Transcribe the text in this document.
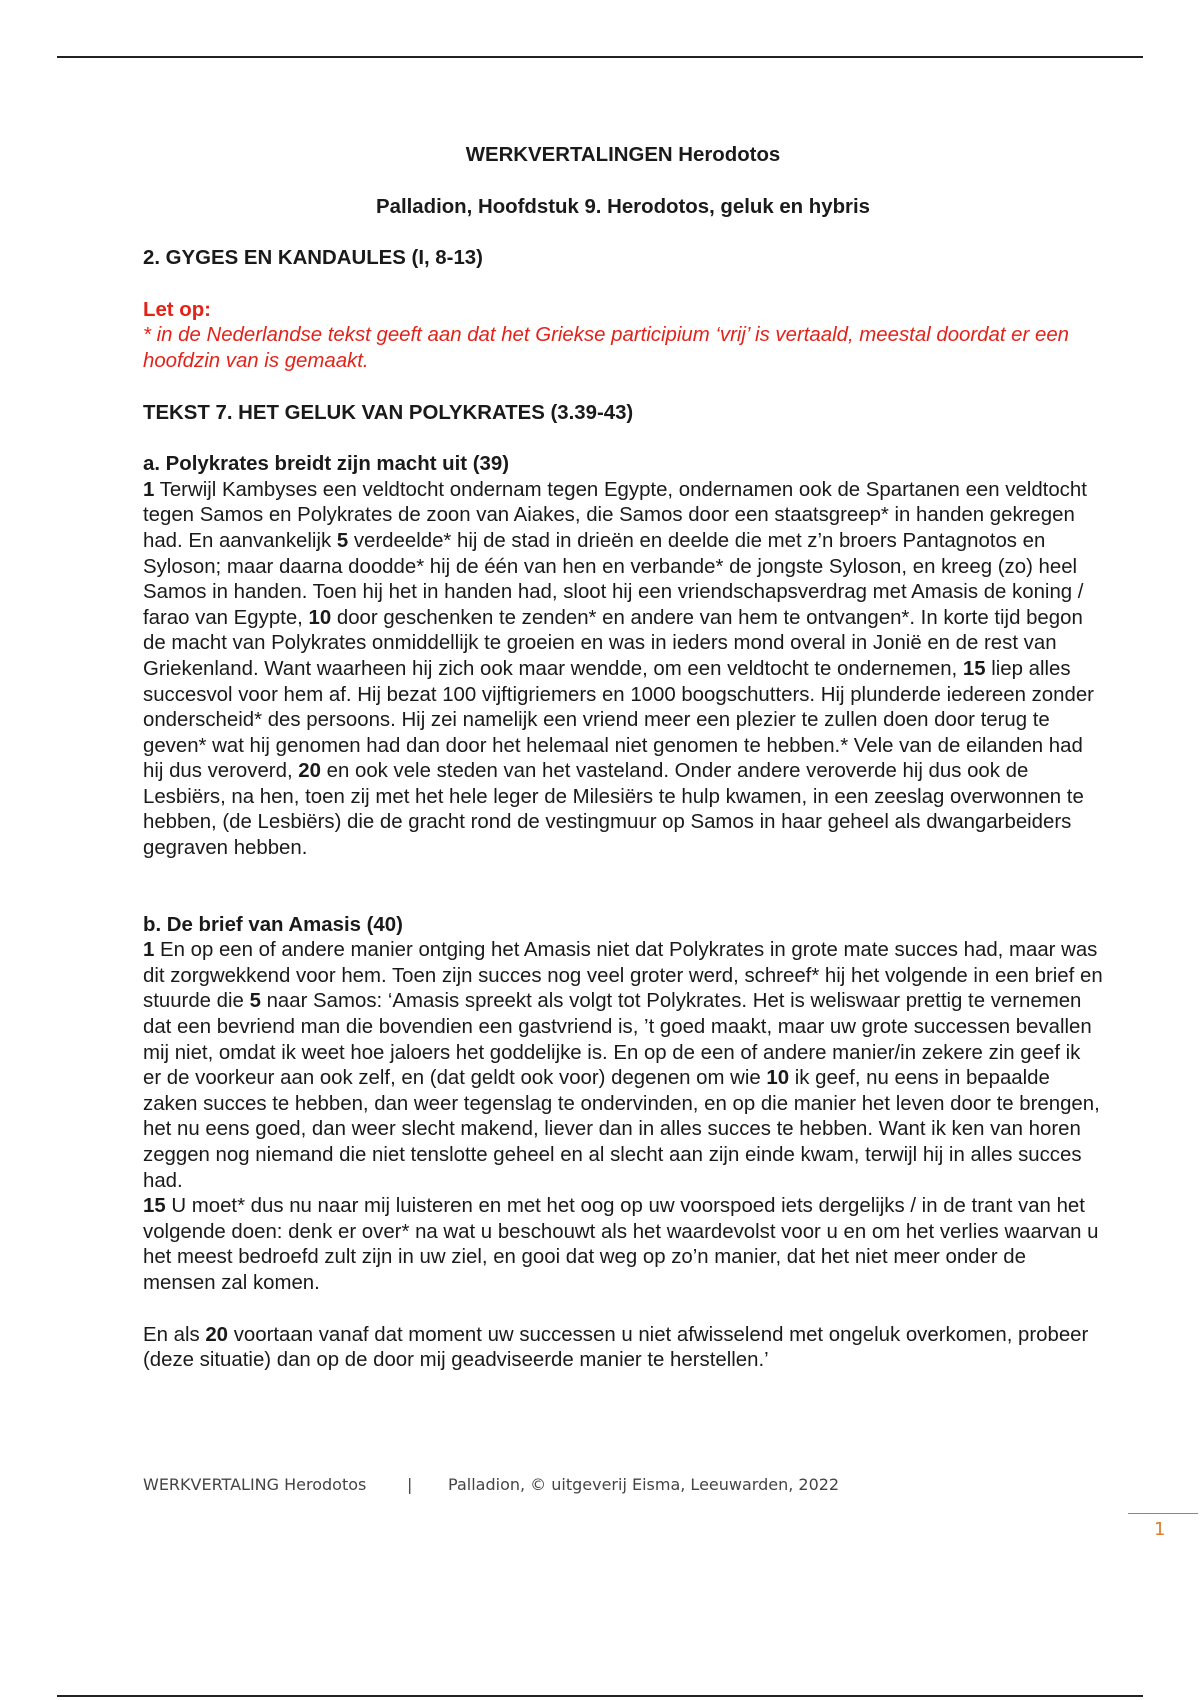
WERKVERTALINGEN Herodotos
Palladion, Hoofdstuk 9. Herodotos, geluk en hybris
2. GYGES EN KANDAULES (I, 8-13)
Let op:
* in de Nederlandse tekst geeft aan dat het Griekse participium ‘vrij’ is vertaald, meestal doordat er een hoofdzin van is gemaakt.
TEKST 7. HET GELUK VAN POLYKRATES (3.39-43)
a. Polykrates breidt zijn macht uit (39)

1 Terwijl Kambyses een veldtocht ondernam tegen Egypte, ondernamen ook de Spartanen een veldtocht tegen Samos en Polykrates de zoon van Aiakes, die Samos door een staatsgreep* in handen gekregen had. En aanvankelijk 5 verdeelde* hij de stad in drieën en deelde die met z’n broers Pantagnotos en Syloson; maar daarna doodde* hij de één van hen en verbande* de jongste Syloson, en kreeg (zo) heel Samos in handen. Toen hij het in handen had, sloot hij een vriendschapsverdrag met Amasis de koning / farao van Egypte, 10 door geschenken te zenden* en andere van hem te ontvangen*. In korte tijd begon de macht van Polykrates onmiddellijk te groeien en was in ieders mond overal in Jonië en de rest van Griekenland. Want waarheen hij zich ook maar wendde, om een veldtocht te ondernemen, 15 liep alles succesvol voor hem af. Hij bezat 100 vijftigriemers en 1000 boogschutters. Hij plunderde iedereen zonder onderscheid* des persoons. Hij zei namelijk een vriend meer een plezier te zullen doen door terug te geven* wat hij genomen had dan door het helemaal niet genomen te hebben.* Vele van de eilanden had hij dus veroverd, 20 en ook vele steden van het vasteland. Onder andere veroverde hij dus ook de Lesbiërs, na hen, toen zij met het hele leger de Milesiërs te hulp kwamen, in een zeeslag overwonnen te hebben, (de Lesbiërs) die de gracht rond de vestingmuur op Samos in haar geheel als dwangarbeiders gegraven hebben.

b. De brief van Amasis (40)

1 En op een of andere manier ontging het Amasis niet dat Polykrates in grote mate succes had, maar was dit zorgwekkend voor hem. Toen zijn succes nog veel groter werd, schreef* hij het volgende in een brief en stuurde die 5 naar Samos: ‘Amasis spreekt als volgt tot Polykrates. Het is weliswaar prettig te vernemen dat een bevriend man die bovendien een gastvriend is, ’t goed maakt, maar uw grote successen bevallen mij niet, omdat ik weet hoe jaloers het goddelijke is. En op de een of andere manier/in zekere zin geef ik er de voorkeur aan ook zelf, en (dat geldt ook voor) degenen om wie 10 ik geef, nu eens in bepaalde zaken succes te hebben, dan weer tegenslag te ondervinden, en op die manier het leven door te brengen, het nu eens goed, dan weer slecht makend, liever dan in alles succes te hebben. Want ik ken van horen zeggen nog niemand die niet tenslotte geheel en al slecht aan zijn einde kwam, terwijl hij in alles succes had.
15 U moet* dus nu naar mij luisteren en met het oog op uw voorspoed iets dergelijks / in de trant van het volgende doen: denk er over* na wat u beschouwt als het waardevolst voor u en om het verlies waarvan u het meest bedroefd zult zijn in uw ziel, en gooi dat weg op zo’n manier, dat het niet meer onder de mensen zal komen.

En als 20 voortaan vanaf dat moment uw successen u niet afwisselend met ongeluk overkomen, probeer (deze situatie) dan op de door mij geadviseerde manier te herstellen.’

WERKVERTALING Herodotos	| Palladion, © uitgeverij Eisma, Leeuwarden, 2022
1
